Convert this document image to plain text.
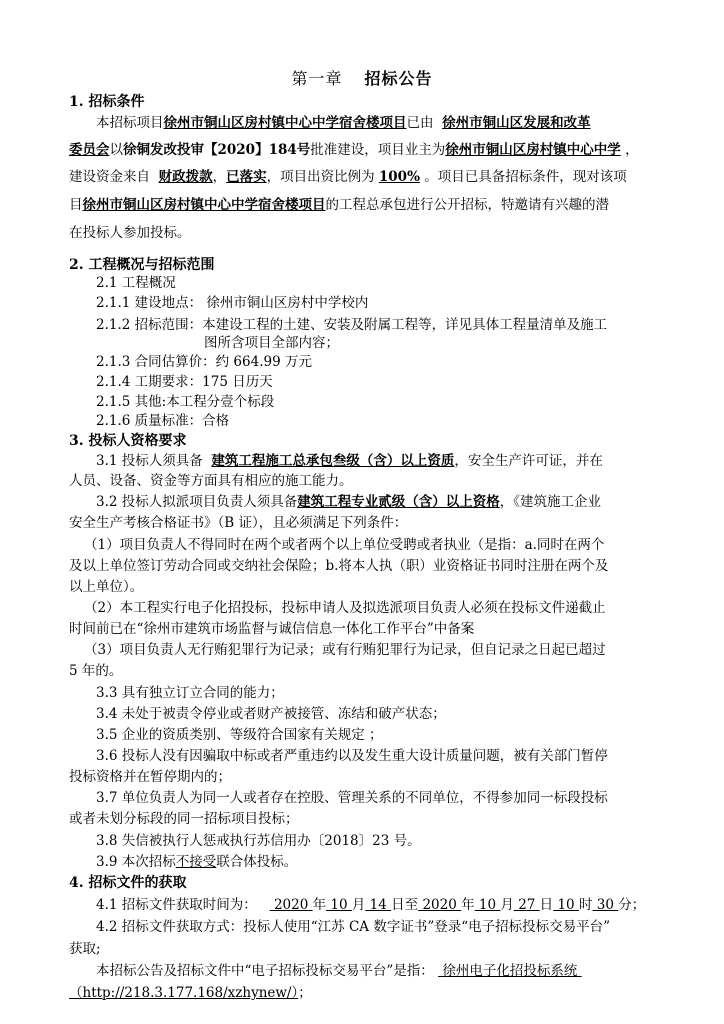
第一章 招标公告
1. 招标条件
本招标项目徐州市铜山区房村镇中心中学宿舍楼项目已由 徐州市铜山区发展和改革
委员会以徐铜发改投审【2020】184号批准建设，项目业主为徐州市铜山区房村镇中心中学 ，
建设资金来自 财政拨款，已落实，项目出资比例为 100% 。项目已具备招标条件，现对该项
目徐州市铜山区房村镇中心中学宿舍楼项目的工程总承包进行公开招标，特邀请有兴趣的潜
在投标人参加投标。
2. 工程概况与招标范围
2.1 工程概况
2.1.1 建设地点： 徐州市铜山区房村中学校内
2.1.2 招标范围：本建设工程的土建、安装及附属工程等，详见具体工程量清单及施工
图所含项目全部内容；
2.1.3 合同估算价：约 664.99 万元
2.1.4 工期要求：175 日历天
2.1.5 其他:本工程分壹个标段
2.1.6 质量标准：合格
3. 投标人资格要求
3.1 投标人须具备 建筑工程施工总承包叁级（含）以上资质，安全生产许可证，并在
人员、设备、资金等方面具有相应的施工能力。
3.2 投标人拟派项目负责人须具备建筑工程专业贰级（含）以上资格，《建筑施工企业
安全生产考核合格证书》（B 证），且必须满足下列条件：
（1）项目负责人不得同时在两个或者两个以上单位受聘或者执业（是指：a.同时在两个
及以上单位签订劳动合同或交纳社会保险；b.将本人执（职）业资格证书同时注册在两个及
以上单位）。
（2）本工程实行电子化招投标，投标申请人及拟选派项目负责人必须在投标文件递截止
时间前已在“徐州市建筑市场监督与诚信信息一体化工作平台”中备案
（3）项目负责人无行贿犯罪行为记录；或有行贿犯罪行为记录，但自记录之日起已超过
5 年的。
3.3 具有独立订立合同的能力；
3.4 未处于被责令停业或者财产被接管、冻结和破产状态；
3.5 企业的资质类别、等级符合国家有关规定 ；
3.6 投标人没有因骗取中标或者严重违约以及发生重大设计质量问题，被有关部门暂停
投标资格并在暂停期内的；
3.7 单位负责人为同一人或者存在控股、管理关系的不同单位，不得参加同一标段投标
或者未划分标段的同一招标项目投标；
3.8 失信被执行人惩戒执行苏信用办〔2018〕23 号。
3.9 本次招标不接受联合体投标。
4. 招标文件的获取
4.1 招标文件获取时间为： 2020 年 10 月 14 日至 2020 年 10 月 27 日 10 时 30 分；
4.2 招标文件获取方式：投标人使用“江苏 CA 数字证书”登录“电子招标投标交易平台”
获取;
本招标公告及招标文件中“电子招标投标交易平台”是指： 徐州电子化招投标系统
（http://218.3.177.168/xzhynew/）；
